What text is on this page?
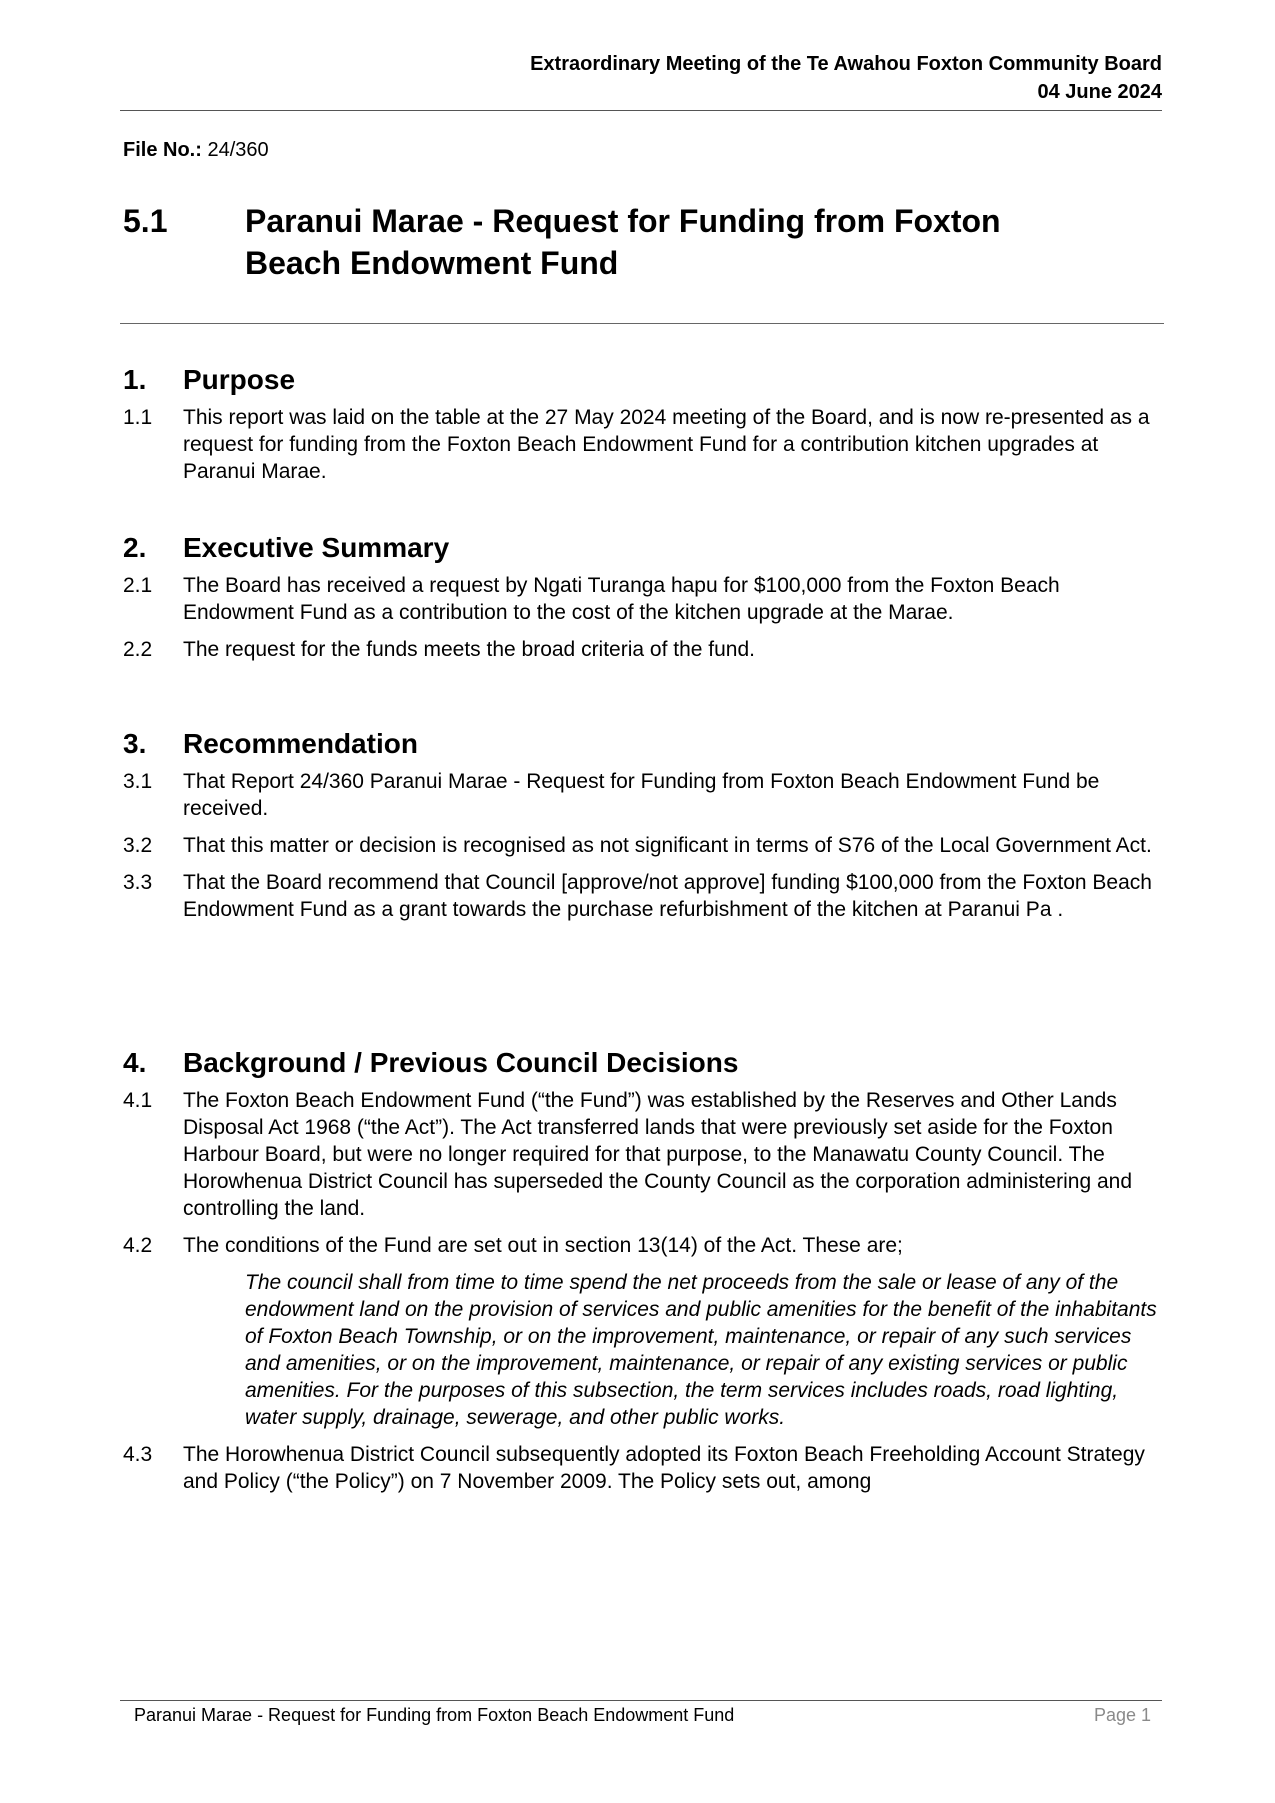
Extraordinary Meeting of the Te Awahou Foxton Community Board
04 June 2024
File No.: 24/360
5.1 Paranui Marae - Request for Funding from Foxton Beach Endowment Fund
1. Purpose
1.1 This report was laid on the table at the 27 May 2024 meeting of the Board, and is now re-presented as a request for funding from the Foxton Beach Endowment Fund for a contribution kitchen upgrades at Paranui Marae.
2. Executive Summary
2.1 The Board has received a request by Ngati Turanga hapu for $100,000 from the Foxton Beach Endowment Fund as a contribution to the cost of the kitchen upgrade at the Marae.
2.2 The request for the funds meets the broad criteria of the fund.
3. Recommendation
3.1 That Report 24/360 Paranui Marae - Request for Funding from Foxton Beach Endowment Fund be received.
3.2 That this matter or decision is recognised as not significant in terms of S76 of the Local Government Act.
3.3 That the Board recommend that Council [approve/not approve] funding $100,000 from the Foxton Beach Endowment Fund as a grant towards the purchase refurbishment of the kitchen at Paranui Pa .
4. Background / Previous Council Decisions
4.1 The Foxton Beach Endowment Fund (“the Fund”) was established by the Reserves and Other Lands Disposal Act 1968 (“the Act”). The Act transferred lands that were previously set aside for the Foxton Harbour Board, but were no longer required for that purpose, to the Manawatu County Council. The Horowhenua District Council has superseded the County Council as the corporation administering and controlling the land.
4.2 The conditions of the Fund are set out in section 13(14) of the Act. These are;
The council shall from time to time spend the net proceeds from the sale or lease of any of the endowment land on the provision of services and public amenities for the benefit of the inhabitants of Foxton Beach Township, or on the improvement, maintenance, or repair of any such services and amenities, or on the improvement, maintenance, or repair of any existing services or public amenities. For the purposes of this subsection, the term services includes roads, road lighting, water supply, drainage, sewerage, and other public works.
4.3 The Horowhenua District Council subsequently adopted its Foxton Beach Freeholding Account Strategy and Policy (“the Policy”) on 7 November 2009. The Policy sets out, among
Paranui Marae - Request for Funding from Foxton Beach Endowment Fund	Page 1
